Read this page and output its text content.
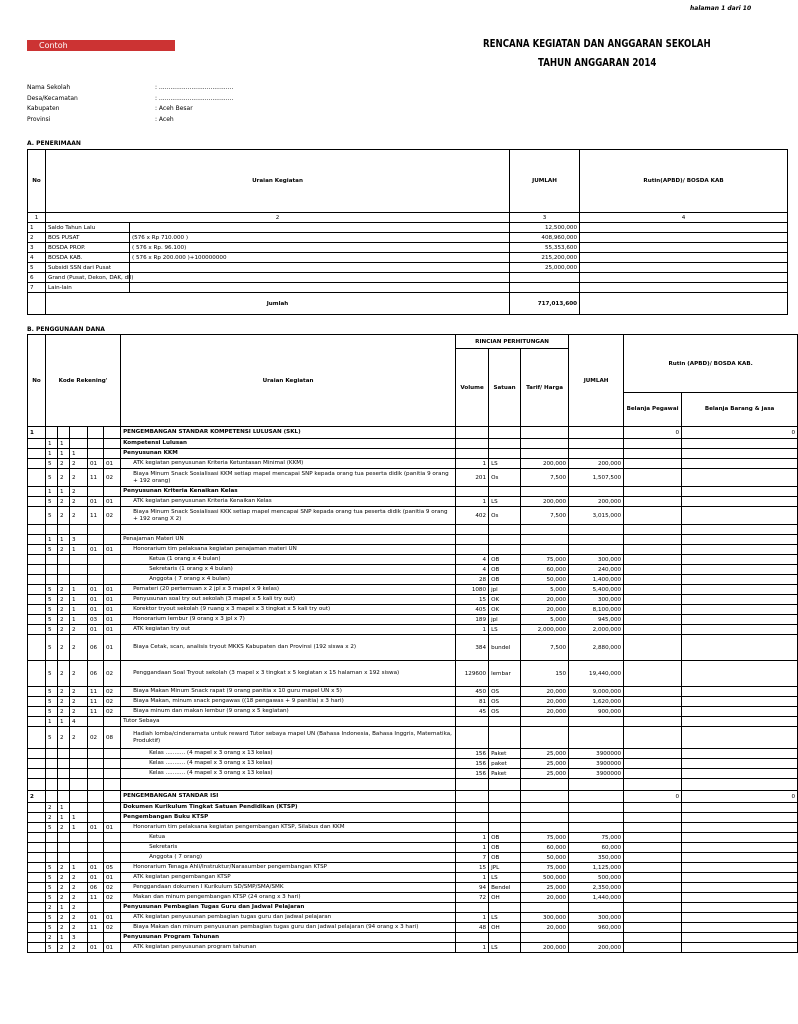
halaman 1 dari 10
Contoh	RENCANA KEGIATAN DAN ANGGARAN SEKOLAH
TAHUN ANGGARAN 2014
Nama Sekolah	: .......................................
Desa/Kecamatan	: .......................................
Kabupaten	: Aceh Besar
Provinsi	: Aceh
A. PENERIMAAN
No	Uraian Kegiatan		JUMLAH	Rutin(APBD)/ BOSDA KAB
1	2		3	4
1	Saldo Tahun Lalu		12,500,000	
2	BOS PUSAT	(576 x Rp 710.000 )	408,960,000	
3	BOSDA PROP.	( 576 x Rp. 96.100)	55,353,600	
4	BOSDA KAB.	( 576 x Rp 200.000 )+100000000	215,200,000	
5	Subsidi SSN dari Pusat		25,000,000	
6	Grand (Pusat, Dekon, DAK, dll)			
7	Lain-lain			
	Jumlah		717,013,600	
B. PENGGUNAAN DANA
No	Kode Rekening'					Uraian Kegiatan	RINCIAN PERHITUNGAN			JUMLAH	Rutin (APBD)/ BOSDA KAB.	
							Volume	Satuan	Tarif/ Harga			
											Belanja Pegawai	Belanja Barang & jasa
1						PENGEMBANGAN STANDAR KOMPETENSI LULUSAN (SKL)					0	0
	1	1				Kompetensi Lulusan						
	1	1	1			Penyusunan KKM						
	5	2	2	01	01	ATK kegiatan penyusunan Kriteria Ketuntasan Minimal (KKM)	1	LS	200,000	200,000		
	5	2	2	11	02	Biaya Minum Snack Sosialisasi KKM setiap mapel mencapai SNP kepada orang tua peserta didik (panitia 9 orang + 192 orang)	201	Os	7,500	1,507,500		
	1	1	2			Penyusunan Kriteria Kenaikan Kelas						
	5	2	2	01	01	ATK kegiatan penyusunan Kriteria Kenaikan Kelas	1	LS	200,000	200,000		
	5	2	2	11	02	Biaya Minum Snack Sosialisasi KKK setiap mapel mencapai SNP kepada orang tua peserta didik (panitia 9 orang + 192 orang X 2)	402	Os	7,500	3,015,000		

	1	1	3			Penajaman Materi UN						
	5	2	1	01	01	Honorarium tim pelaksana kegiatan penajaman materi UN						
						Ketua (1 orang x 4 bulan)	4	OB	75,000	300,000		
						Sekretaris (1 orang x 4 bulan)	4	OB	60,000	240,000		
						Anggota ( 7 orang x 4 bulan)	28	OB	50,000	1,400,000		
	5	2	1	01	01	Pemateri (20 pertemuan x 2 jpl x 3 mapel x 9 kelas)	1080	jpl	5,000	5,400,000		
	5	2	1	01	01	Penyusunan soal try out sekolah (3 mapel x 5 kali try out)	15	OK	20,000	300,000		
	5	2	1	01	01	Korektor tryout sekolah (9 ruang x 3 mapel x 3 tingkat x 5 kali try out)	405	OK	20,000	8,100,000		
	5	2	1	03	01	Honorarium lembur (9 orang x 3 jpl x 7)	189	jpl	5,000	945,000		
	5	2	2	01	01	ATK kegiatan try out	1	LS	2,000,000	2,000,000		
	5	2	2	06	01	Biaya Cetak, scan, analisis tryout MKKS Kabupaten dan Provinsi (192 siswa x 2)	384	bundel	7,500	2,880,000		
	5	2	2	06	02	Penggandaan Soal Tryout sekolah (3 mapel x 3 tingkat x 5 kegiatan x 15 halaman x 192 siswa)	129600	lembar	150	19,440,000		
	5	2	2	11	02	Biaya Makan Minum Snack rapat (9 orang panitia x 10 guru mapel UN x 5)	450	OS	20,000	9,000,000		
	5	2	2	11	02	Biaya Makan, minum snack pengawas ((18 pengawas + 9 panitia) x 3 hari)	81	OS	20,000	1,620,000		
	5	2	2	11	02	Biaya minum dan makan lembur (9 orang x 5 kegiatan)	45	OS	20,000	900,000		
	1	1	4			Tutor Sebaya						
	5	2	2	02	08	Hadiah lomba/cinderamata untuk reward Tutor sebaya mapel UN (Bahasa Indonesia, Bahasa Inggris, Matematika, Produktif)						
						Kelas ........... (4 mapel x 3 orang x 13 kelas)	156	Paket	25,000	3900000		
						Kelas ........... (4 mapel x 3 orang x 13 kelas)	156	paket	25,000	3900000		
						Kelas ........... (4 mapel x 3 orang x 13 kelas)	156	Paket	25,000	3900000		

2						PENGEMBANGAN STANDAR ISI					0	0
	2	1				Dokumen Kurikulum Tingkat Satuan Pendidikan (KTSP)						
	2	1	1			Pengembangan Buku KTSP						
	5	2	1	01	01	Honorarium tim pelaksana kegiatan pengembangan KTSP, Silabus dan KKM						
						Ketua	1	OB	75,000	75,000		
						Sekretaris	1	OB	60,000	60,000		
						Anggota ( 7 orang)	7	OB	50,000	350,000		
	5	2	1	01	05	Honorarium Tenaga Ahli/Instruktur/Narasumber pengembangan KTSP	15	JPL	75,000	1,125,000		
	5	2	2	01	01	ATK kegiatan pengembangan KTSP	1	LS	500,000	500,000		
	5	2	2	06	02	Penggandaan dokumen I Kurikulum SD/SMP/SMA/SMK	94	Bendel	25,000	2,350,000		
	5	2	2	11	02	Makan dan minum pengembangan KTSP (24 orang x 3 hari)	72	OH	20,000	1,440,000		
	2	1	2			Penyusunan Pembagian Tugas Guru dan Jadwal Pelajaran						
	5	2	2	01	01	ATK kegiatan penyusunan pembagian tugas guru dan jadwal pelajaran	1	LS	300,000	300,000		
	5	2	2	11	02	Biaya Makan dan minum penyusunan pembagian tugas guru dan jadwal pelajaran (94 orang x 3 hari)	48	OH	20,000	960,000		
	2	1	3			Penyusunan Program Tahunan						
	5	2	2	01	01	ATK kegiatan penyusunan program tahunan	1	LS	200,000	200,000		
